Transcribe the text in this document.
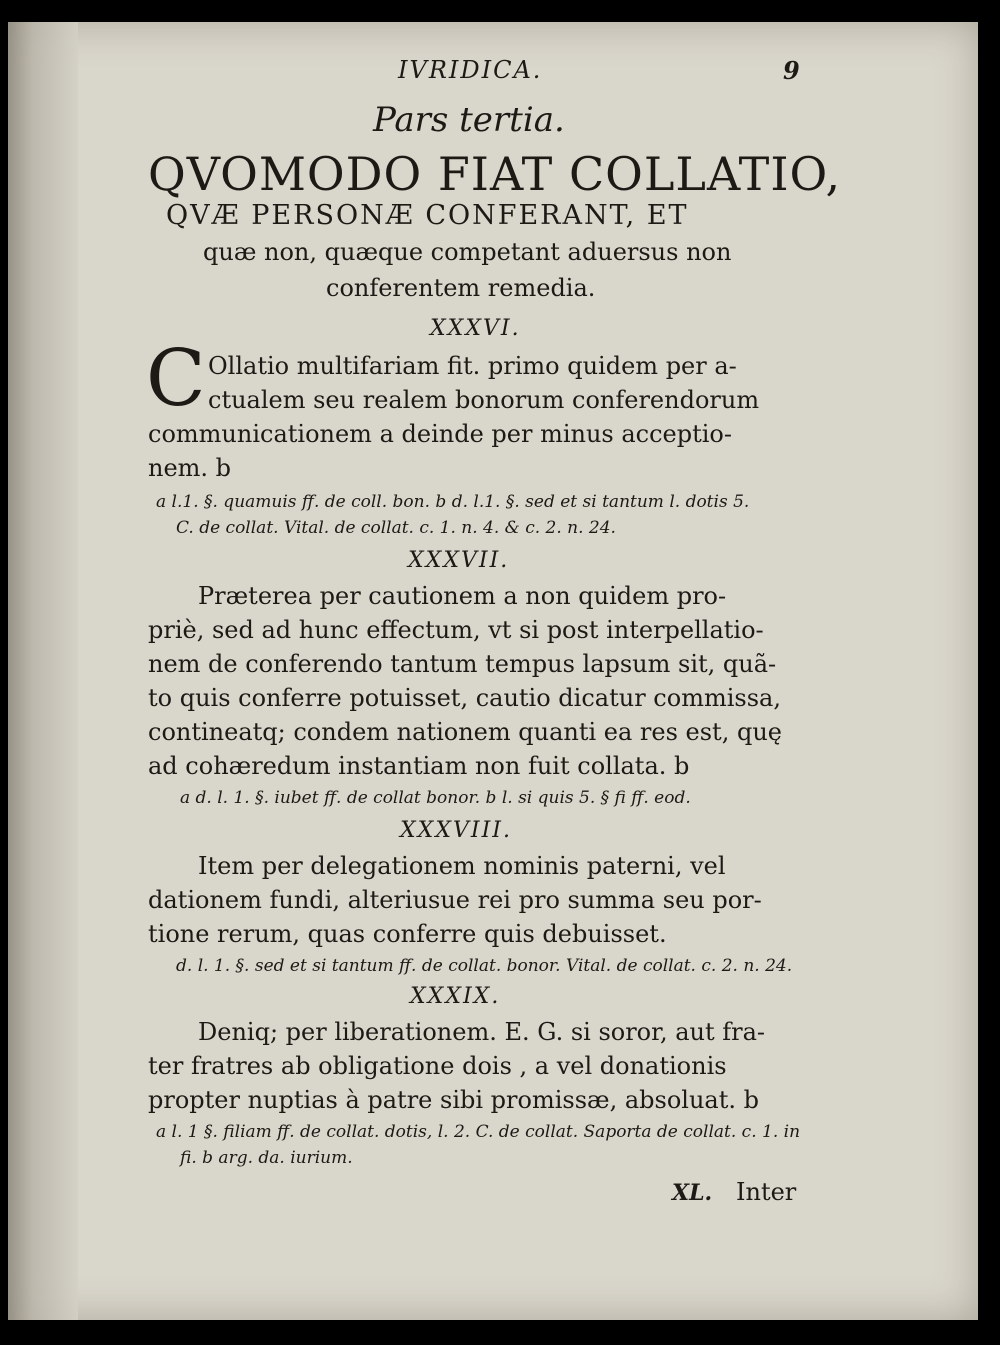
IVRIDICA.	9
Pars tertia.
QVOMODO FIAT COLLATIO,
QVÆ PERSONÆ CONFERANT, ET
quæ non, quæque competant aduersus non
conferentem remedia.
XXXVI.
C Ollatio multifariam fit. primo quidem per a-
ctualem seu realem bonorum conferendorum
communicationem a deinde per minus acceptio-
nem. b
a l.1. §. quamuis ff. de coll. bon. b d. l.1. §. sed et si tantum l. dotis 5.
C. de collat. Vital. de collat. c. 1. n. 4. & c. 2. n. 24.
XXXVII.
Præterea per cautionem a non quidem pro-
priè, sed ad hunc effectum, vt si post interpellatio-
nem de conferendo tantum tempus lapsum sit, quã-
to quis conferre potuisset, cautio dicatur commissa,
contineatq; condem nationem quanti ea res est, quę
ad cohæredum instantiam non fuit collata. b
a d. l. 1. §. iubet ff. de collat bonor. b l. si quis 5. § fi ff. eod.
XXXVIII.
Item per delegationem nominis paterni, vel
dationem fundi, alteriusue rei pro summa seu por-
tione rerum, quas conferre quis debuisset.
d. l. 1. §. sed et si tantum ff. de collat. bonor. Vital. de collat. c. 2. n. 24.
XXXIX.
Deniq; per liberationem. E. G. si soror, aut fra-
ter fratres ab obligatione dois , a vel donationis
propter nuptias à patre sibi promissæ, absoluat. b
a l. 1 §. filiam ff. de collat. dotis, l. 2. C. de collat. Saporta de collat. c. 1. in
fi. b arg. da. iurium.
XL. Inter
